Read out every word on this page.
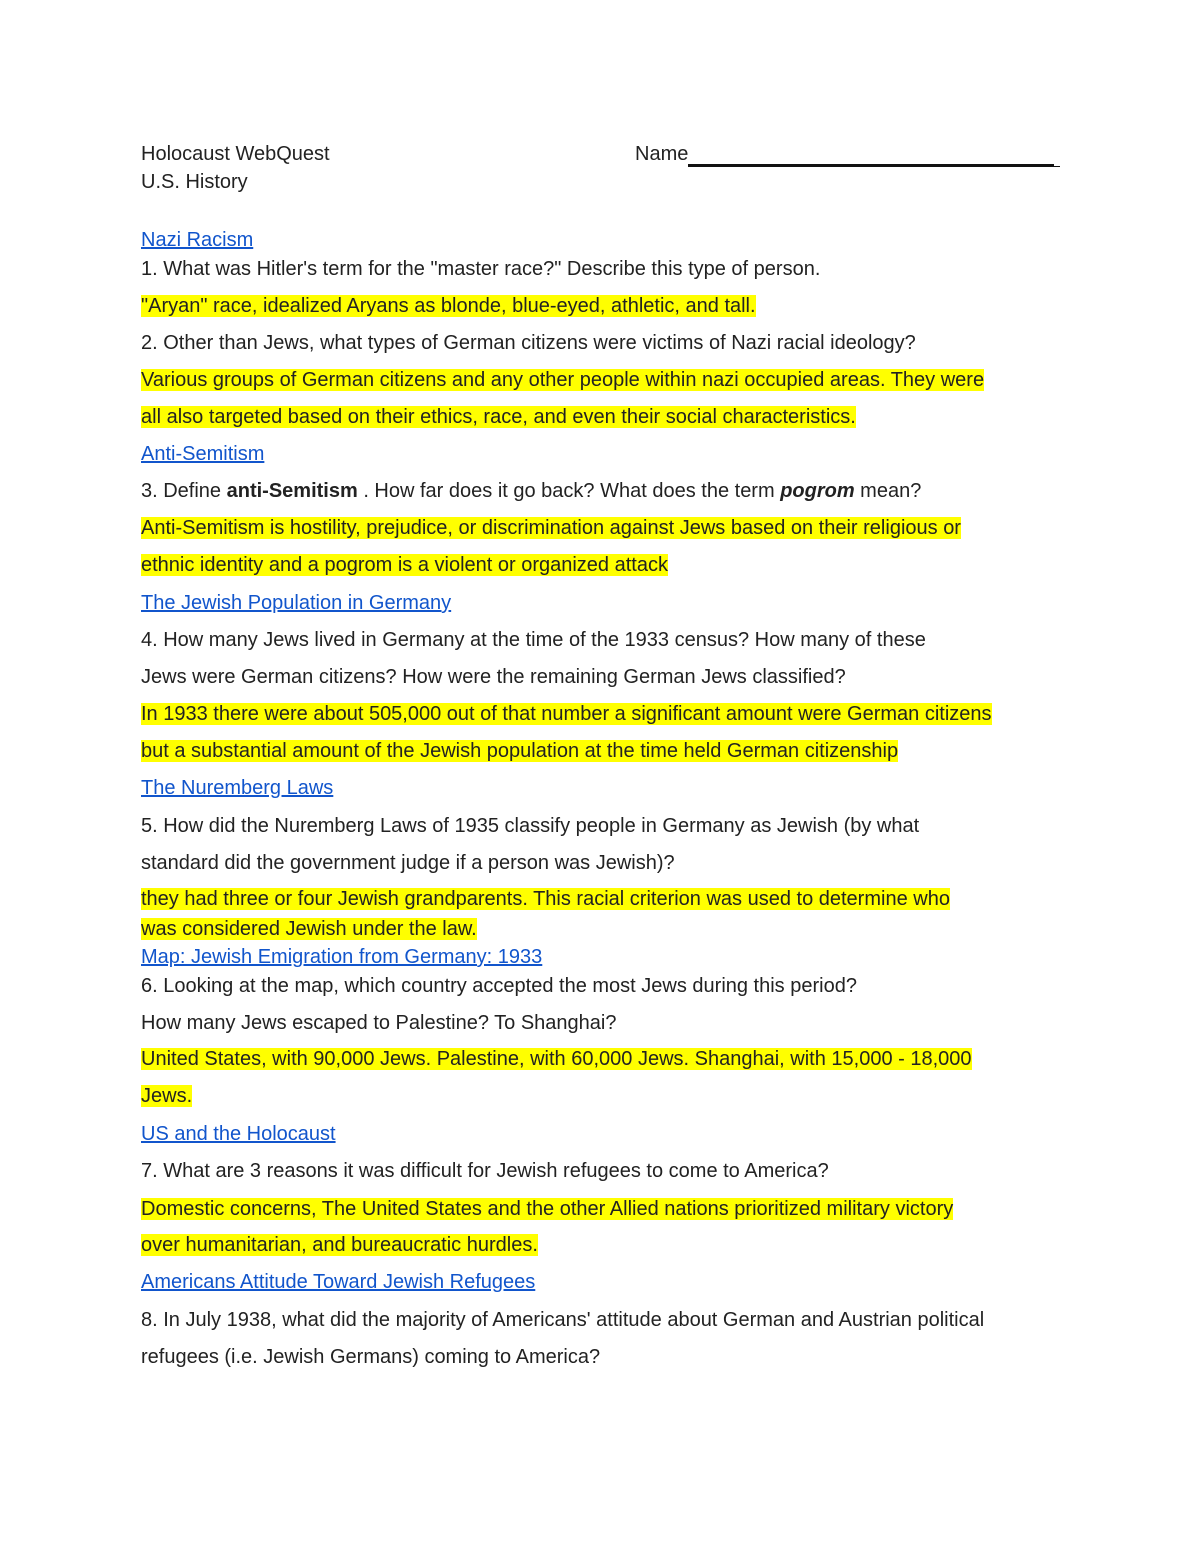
Holocaust WebQuest	Name
U.S. History
Nazi Racism
1. What was Hitler's term for the "master race?" Describe this type of person.
"Aryan" race, idealized Aryans as blonde, blue-eyed, athletic, and tall.
2. Other than Jews, what types of German citizens were victims of Nazi racial ideology?
Various groups of German citizens and any other people within nazi occupied areas. They were
all also targeted based on their ethics, race, and even their social characteristics.
Anti-Semitism
3. Define anti-Semitism . How far does it go back? What does the term pogrom mean?
Anti-Semitism is hostility, prejudice, or discrimination against Jews based on their religious or
ethnic identity and a pogrom is a violent or organized attack
The Jewish Population in Germany
4. How many Jews lived in Germany at the time of the 1933 census? How many of these
Jews were German citizens? How were the remaining German Jews classified?
In 1933 there were about 505,000 out of that number a significant amount were German citizens
but a substantial amount of the Jewish population at the time held German citizenship
The Nuremberg Laws
5. How did the Nuremberg Laws of 1935 classify people in Germany as Jewish (by what
standard did the government judge if a person was Jewish)?
they had three or four Jewish grandparents. This racial criterion was used to determine who
was considered Jewish under the law.
Map: Jewish Emigration from Germany: 1933
6. Looking at the map, which country accepted the most Jews during this period?
How many Jews escaped to Palestine? To Shanghai?
United States, with 90,000 Jews. Palestine, with 60,000 Jews. Shanghai, with 15,000 - 18,000
Jews.
US and the Holocaust
7. What are 3 reasons it was difficult for Jewish refugees to come to America?
Domestic concerns, The United States and the other Allied nations prioritized military victory
over humanitarian, and bureaucratic hurdles.
Americans Attitude Toward Jewish Refugees
8. In July 1938, what did the majority of Americans' attitude about German and Austrian political
refugees (i.e. Jewish Germans) coming to America?
